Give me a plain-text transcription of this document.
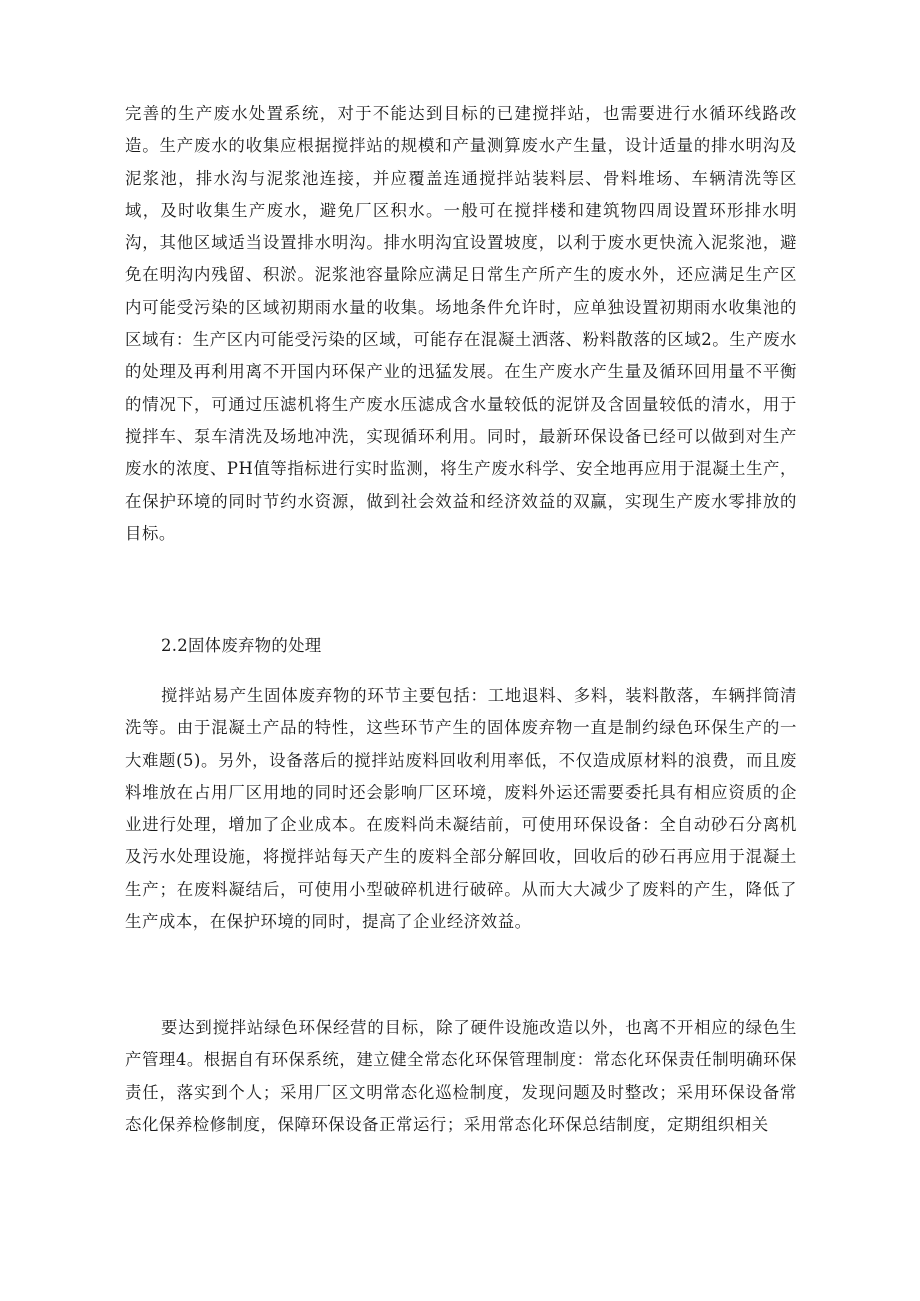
完善的生产废水处置系统，对于不能达到目标的已建搅拌站，也需要进行水循环线路改造。生产废水的收集应根据搅拌站的规模和产量测算废水产生量，设计适量的排水明沟及泥浆池，排水沟与泥浆池连接，并应覆盖连通搅拌站装料层、骨料堆场、车辆清洗等区域，及时收集生产废水，避免厂区积水。一般可在搅拌楼和建筑物四周设置环形排水明沟，其他区域适当设置排水明沟。排水明沟宜设置坡度，以利于废水更快流入泥浆池，避免在明沟内残留、积淤。泥浆池容量除应满足日常生产所产生的废水外，还应满足生产区内可能受污染的区域初期雨水量的收集。场地条件允许时，应单独设置初期雨水收集池的区域有：生产区内可能受污染的区域，可能存在混凝土洒落、粉料散落的区域2。生产废水的处理及再利用离不开国内环保产业的迅猛发展。在生产废水产生量及循环回用量不平衡的情况下，可通过压滤机将生产废水压滤成含水量较低的泥饼及含固量较低的清水，用于搅拌车、泵车清洗及场地冲洗，实现循环利用。同时，最新环保设备已经可以做到对生产废水的浓度、PH值等指标进行实时监测，将生产废水科学、安全地再应用于混凝土生产，在保护环境的同时节约水资源，做到社会效益和经济效益的双赢，实现生产废水零排放的目标。

2.2固体废弃物的处理

搅拌站易产生固体废弃物的环节主要包括：工地退料、多料，装料散落，车辆拌筒清洗等。由于混凝土产品的特性，这些环节产生的固体废弃物一直是制约绿色环保生产的一大难题(5)。另外，设备落后的搅拌站废料回收利用率低，不仅造成原材料的浪费，而且废料堆放在占用厂区用地的同时还会影响厂区环境，废料外运还需要委托具有相应资质的企业进行处理，增加了企业成本。在废料尚未凝结前，可使用环保设备：全自动砂石分离机及污水处理设施，将搅拌站每天产生的废料全部分解回收，回收后的砂石再应用于混凝土生产；在废料凝结后，可使用小型破碎机进行破碎。从而大大减少了废料的产生，降低了生产成本，在保护环境的同时，提高了企业经济效益。

要达到搅拌站绿色环保经营的目标，除了硬件设施改造以外，也离不开相应的绿色生产管理4。根据自有环保系统，建立健全常态化环保管理制度：常态化环保责任制明确环保责任，落实到个人；采用厂区文明常态化巡检制度，发现问题及时整改；采用环保设备常态化保养检修制度，保障环保设备正常运行；采用常态化环保总结制度，定期组织相关
